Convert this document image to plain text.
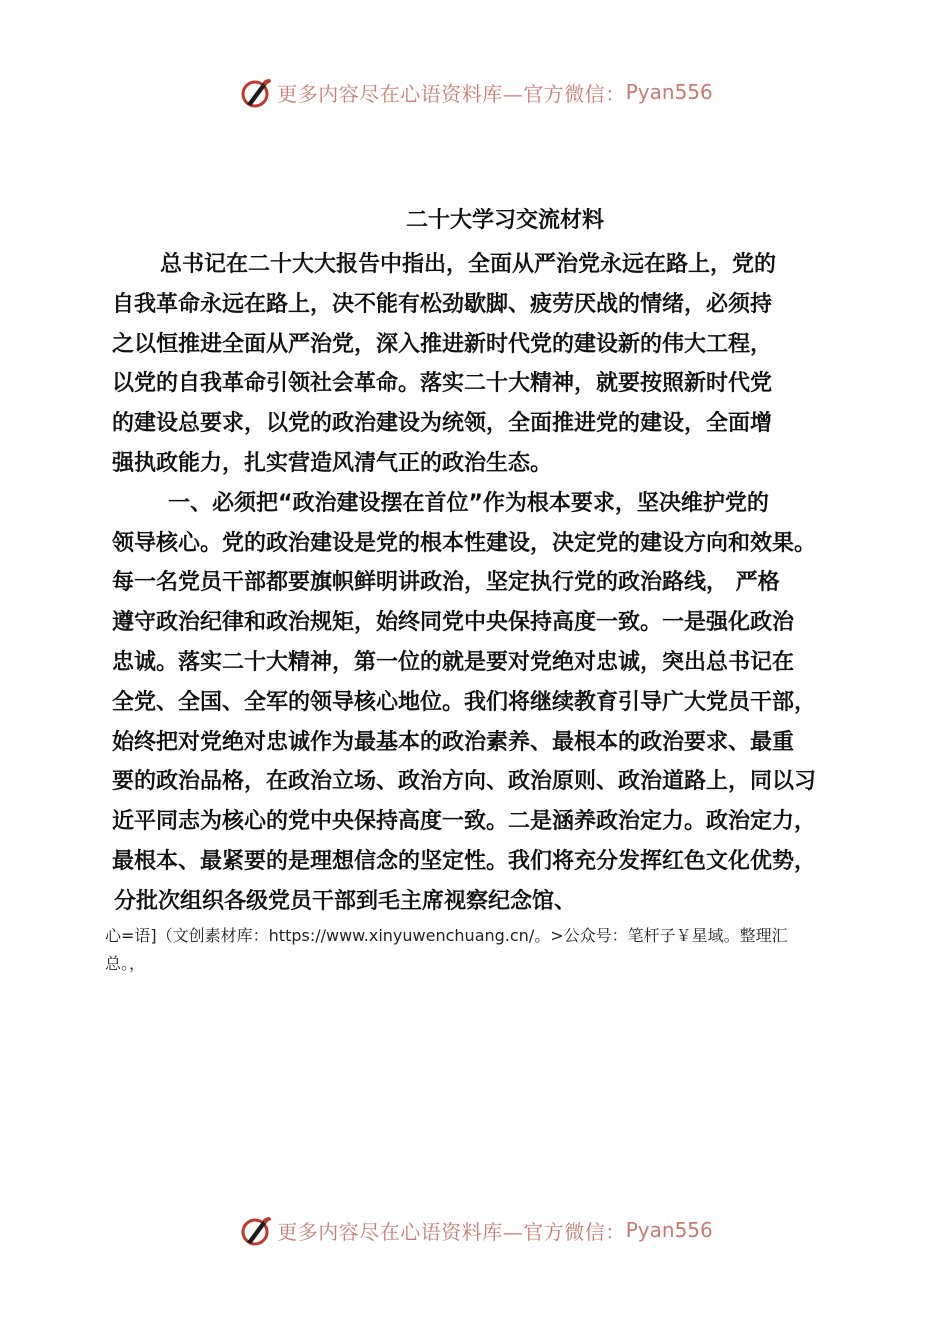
更多内容尽在心语资料库—官方微信： Pyan556
二十大学习交流材料
总书记在二十大大报告中指出，全面从严治党永远在路上，党的
自我革命永远在路上，决不能有松劲歇脚、疲劳厌战的情绪，必须持
之以恒推进全面从严治党，深入推进新时代党的建设新的伟大工程，
以党的自我革命引领社会革命。落实二十大精神，就要按照新时代党
的建设总要求，以党的政治建设为统领，全面推进党的建设，全面增
强执政能力，扎实营造风清气正的政治生态。
一、必须把“政治建设摆在首位”作为根本要求，坚决维护党的
领导核心。党的政治建设是党的根本性建设，决定党的建设方向和效果。
每一名党员干部都要旗帜鲜明讲政治，坚定执行党的政治路线， 严格
遵守政治纪律和政治规矩，始终同党中央保持高度一致。一是强化政治
忠诚。落实二十大精神，第一位的就是要对党绝对忠诚，突出总书记在
全党、全国、全军的领导核心地位。我们将继续教育引导广大党员干部，
始终把对党绝对忠诚作为最基本的政治素养、最根本的政治要求、最重
要的政治品格，在政治立场、政治方向、政治原则、政治道路上，同以习
近平同志为核心的党中央保持高度一致。二是涵养政治定力。政治定力，
最根本、最紧要的是理想信念的坚定性。我们将充分发挥红色文化优势，
分批次组织各级党员干部到毛主席视察纪念馆、
心=语]（文创素材库：https://www.xinyuwenchuang.cn/。>公众号：笔杆子￥星域。整理汇
总。，
更多内容尽在心语资料库—官方微信： Pyan556
